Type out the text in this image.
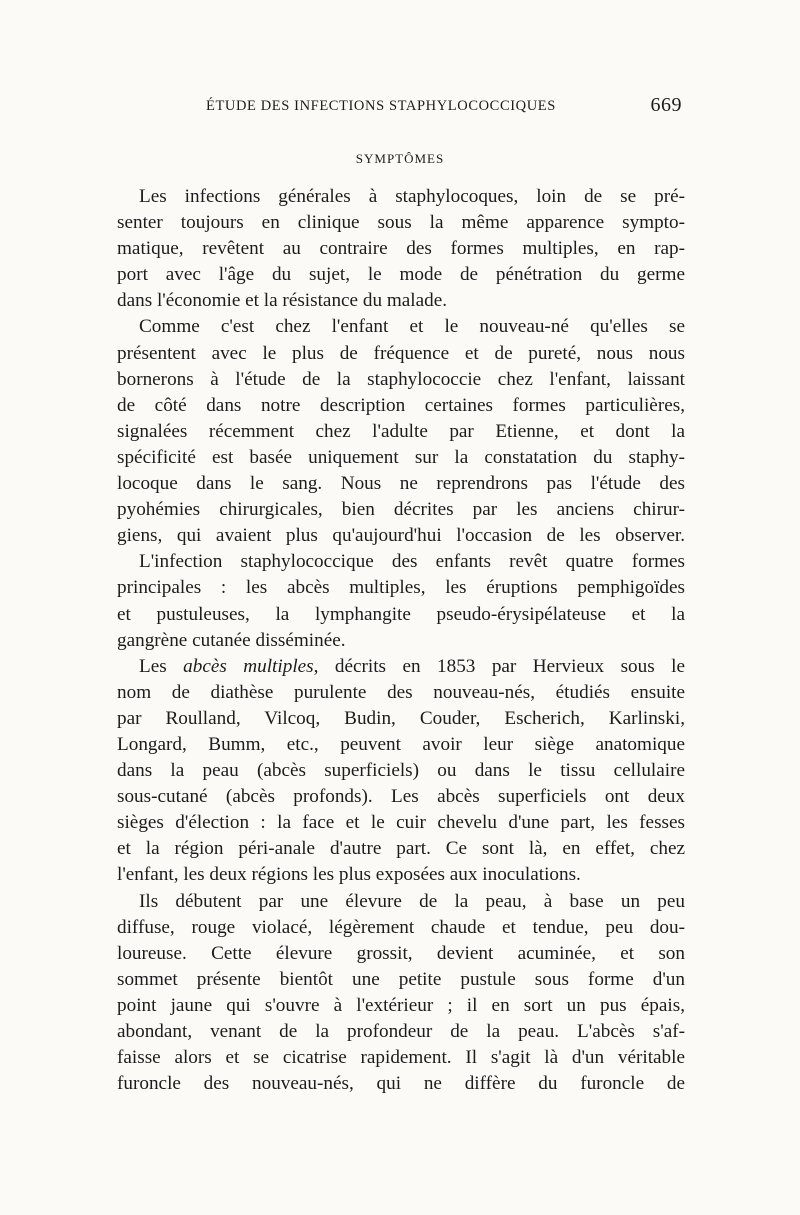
ÉTUDE DES INFECTIONS STAPHYLOCOCCIQUES	669
SYMPTÔMES
Les infections générales à staphylocoques, loin de se pré-
senter toujours en clinique sous la même apparence sympto-
matique, revêtent au contraire des formes multiples, en rap-
port avec l'âge du sujet, le mode de pénétration du germe
dans l'économie et la résistance du malade.
Comme c'est chez l'enfant et le nouveau-né qu'elles se
présentent avec le plus de fréquence et de pureté, nous nous
bornerons à l'étude de la staphylococcie chez l'enfant, laissant
de côté dans notre description certaines formes particulières,
signalées récemment chez l'adulte par Etienne, et dont la
spécificité est basée uniquement sur la constatation du staphy-
locoque dans le sang. Nous ne reprendrons pas l'étude des
pyohémies chirurgicales, bien décrites par les anciens chirur-
giens, qui avaient plus qu'aujourd'hui l'occasion de les observer.
L'infection staphylococcique des enfants revêt quatre formes
principales : les abcès multiples, les éruptions pemphigoïdes
et pustuleuses, la lymphangite pseudo-érysipélateuse et la
gangrène cutanée disséminée.
Les abcès multiples, décrits en 1853 par Hervieux sous le
nom de diathèse purulente des nouveau-nés, étudiés ensuite
par Roulland, Vilcoq, Budin, Couder, Escherich, Karlinski,
Longard, Bumm, etc., peuvent avoir leur siège anatomique
dans la peau (abcès superficiels) ou dans le tissu cellulaire
sous-cutané (abcès profonds). Les abcès superficiels ont deux
sièges d'élection : la face et le cuir chevelu d'une part, les fesses
et la région péri-anale d'autre part. Ce sont là, en effet, chez
l'enfant, les deux régions les plus exposées aux inoculations.
Ils débutent par une élevure de la peau, à base un peu
diffuse, rouge violacé, légèrement chaude et tendue, peu dou-
loureuse. Cette élevure grossit, devient acuminée, et son
sommet présente bientôt une petite pustule sous forme d'un
point jaune qui s'ouvre à l'extérieur ; il en sort un pus épais,
abondant, venant de la profondeur de la peau. L'abcès s'af-
faisse alors et se cicatrise rapidement. Il s'agit là d'un véritable
furoncle des nouveau-nés, qui ne diffère du furoncle de
